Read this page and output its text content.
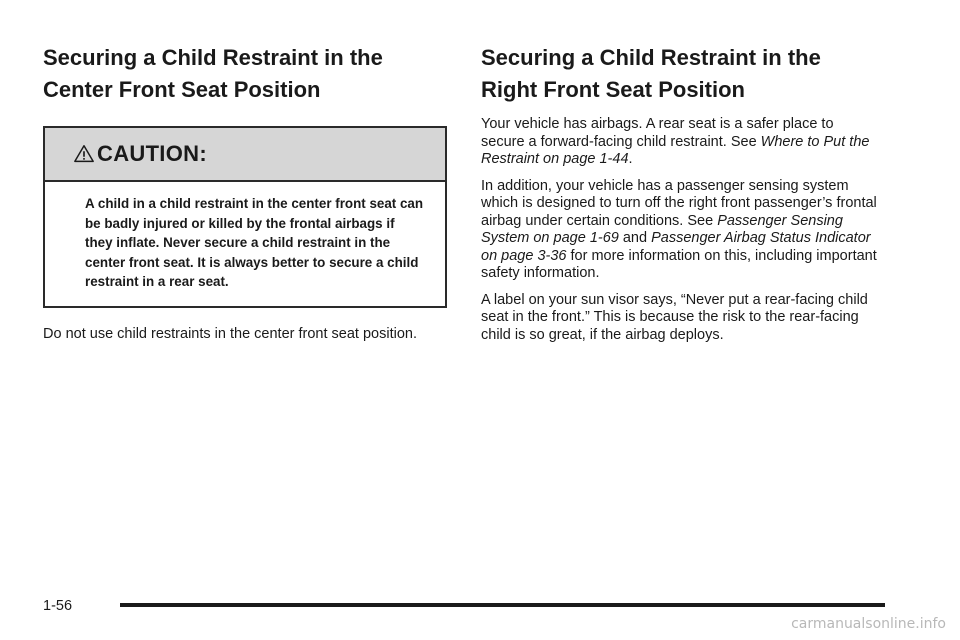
Securing a Child Restraint in the
Center Front Seat Position
CAUTION:
A child in a child restraint in the center front seat can be badly injured or killed by the frontal airbags if they inflate. Never secure a child restraint in the center front seat. It is always better to secure a child restraint in a rear seat.

Do not use child restraints in the center front seat position.

Securing a Child Restraint in the
Right Front Seat Position

Your vehicle has airbags. A rear seat is a safer place to secure a forward-facing child restraint. See Where to Put the Restraint on page 1-44.

In addition, your vehicle has a passenger sensing system which is designed to turn off the right front passenger’s frontal airbag under certain conditions. See Passenger Sensing System on page 1-69 and Passenger Airbag Status Indicator on page 3-36 for more information on this, including important safety information.

A label on your sun visor says, “Never put a rear-facing child seat in the front.” This is because the risk to the rear-facing child is so great, if the airbag deploys.

1-56
carmanualsonline.info
